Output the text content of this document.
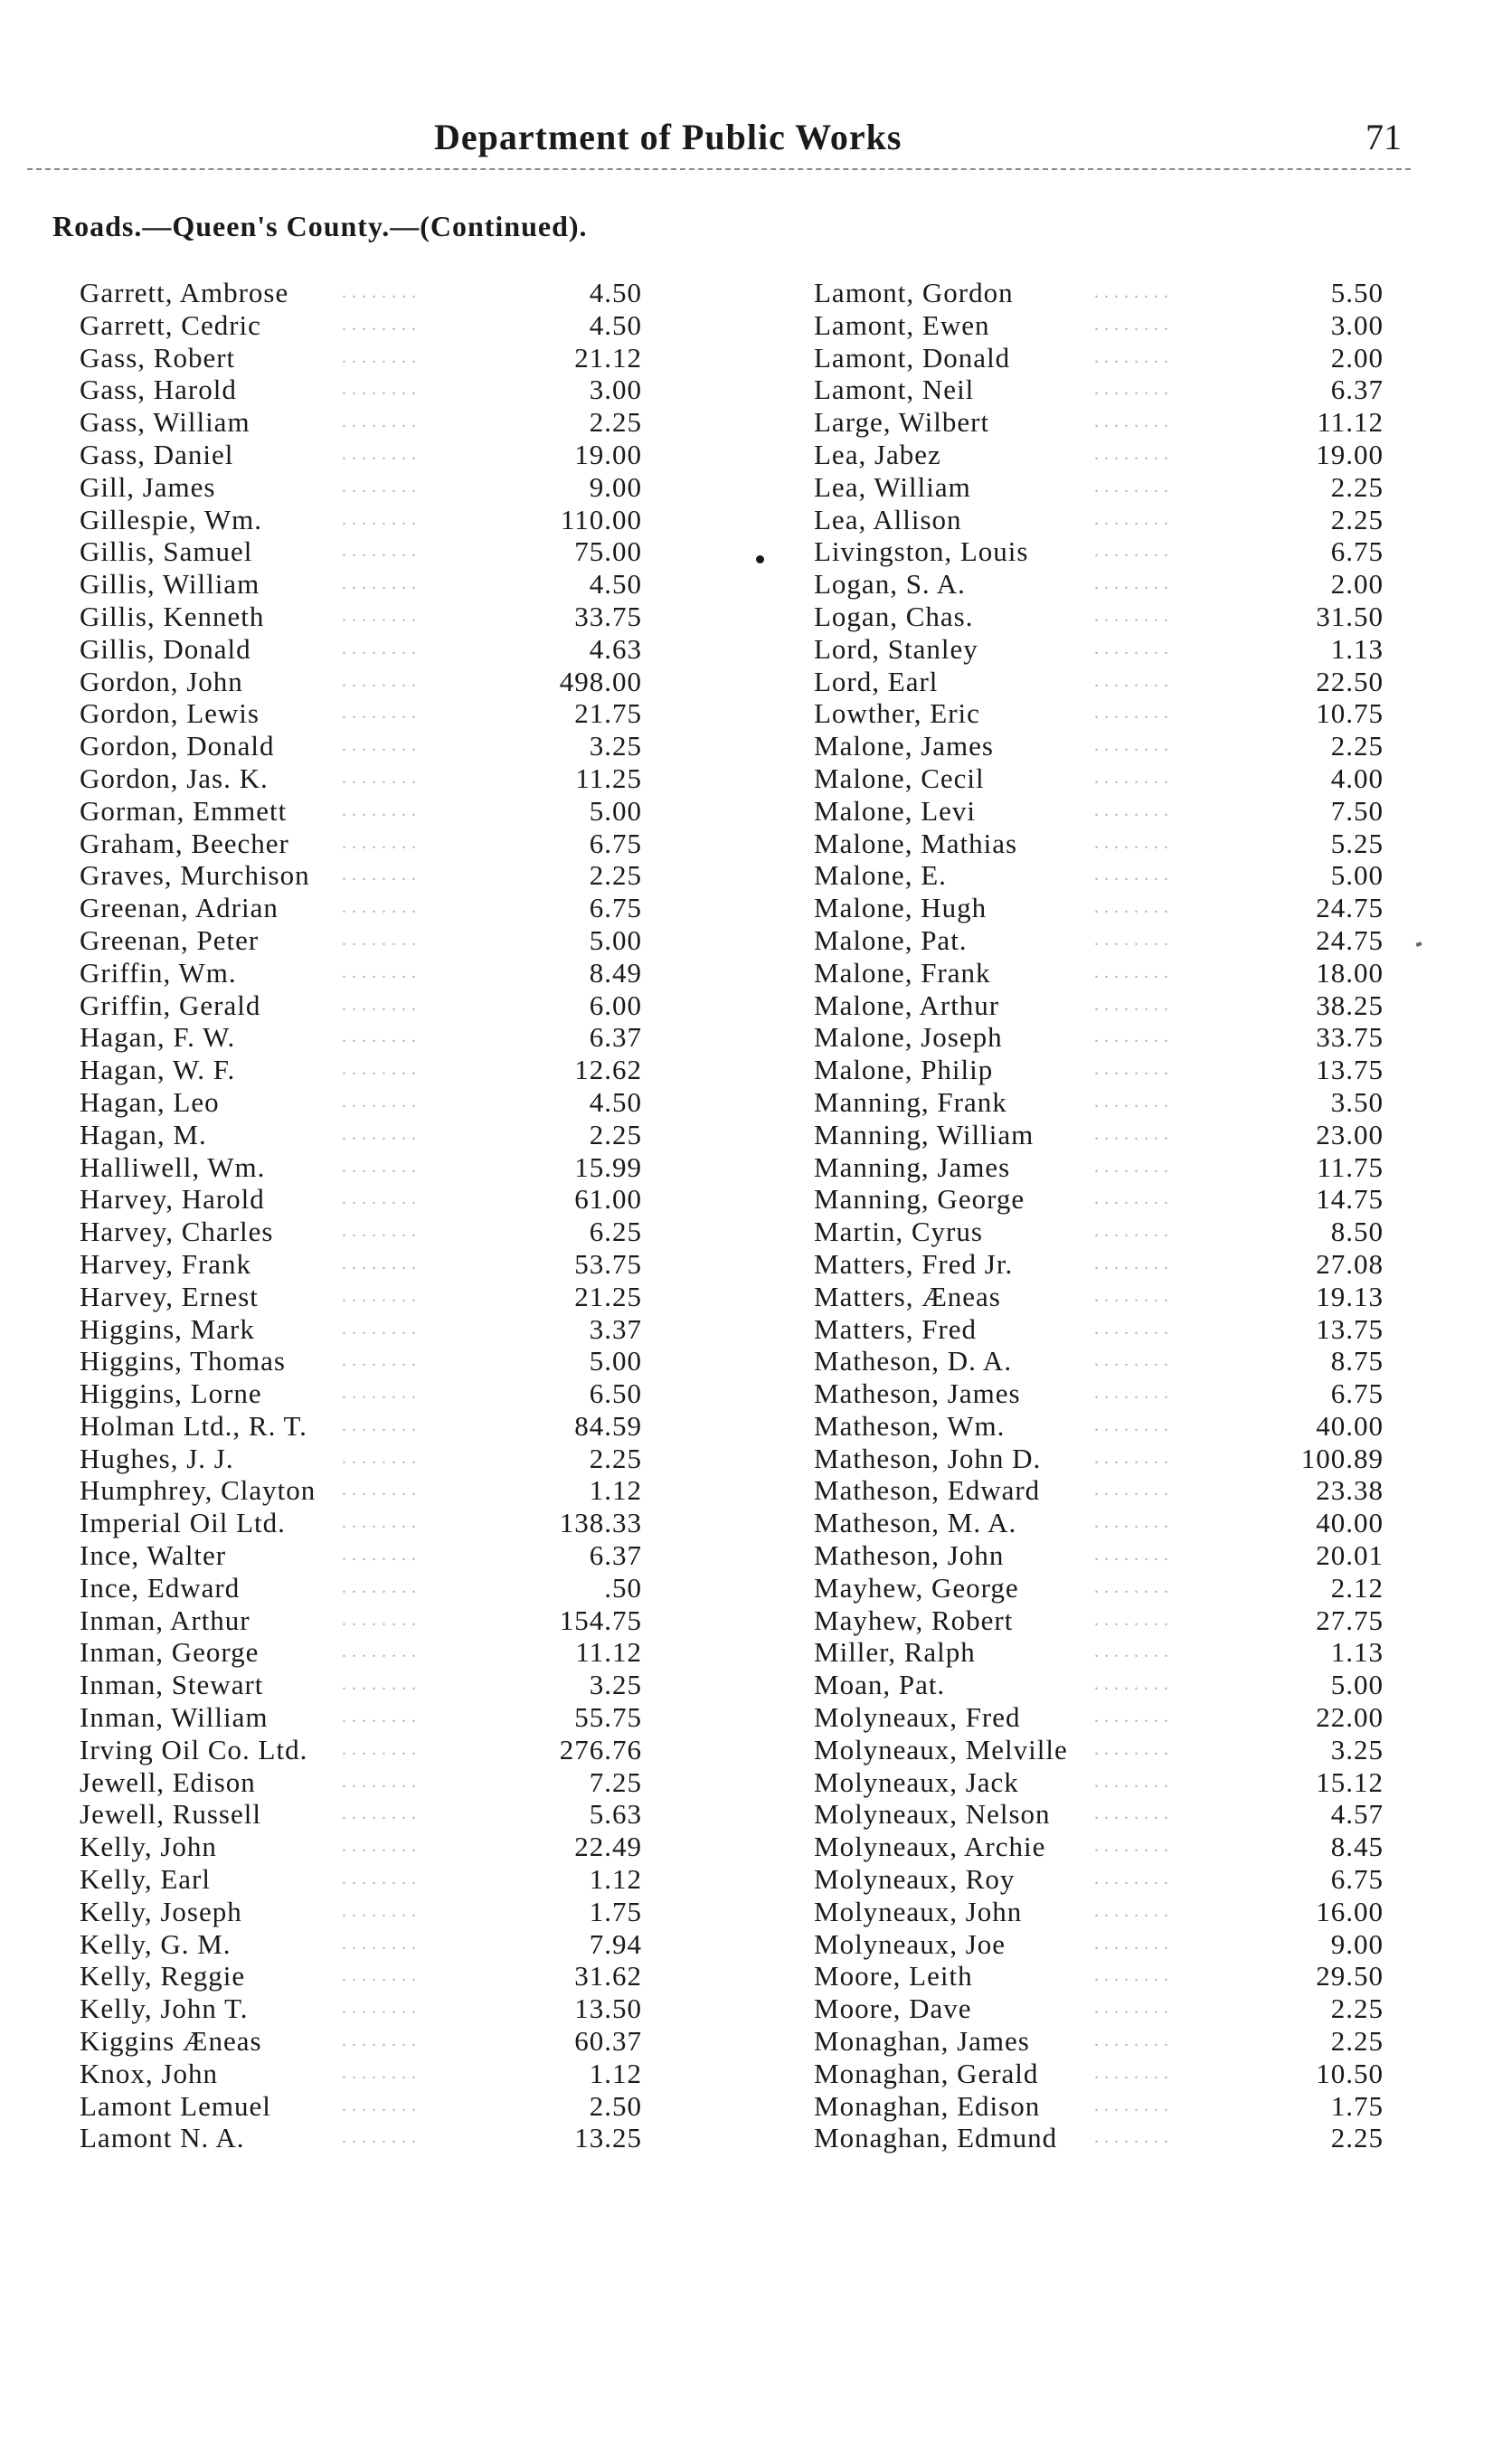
Department of Public Works	71
Roads.—Queen's County.—(Continued).
Garrett, Ambrose	........	4.50
Garrett, Cedric	........	4.50
Gass, Robert	........	21.12
Gass, Harold	........	3.00
Gass, William	........	2.25
Gass, Daniel	........	19.00
Gill, James	........	9.00
Gillespie, Wm.	........	110.00
Gillis, Samuel	........	75.00
Gillis, William	........	4.50
Gillis, Kenneth	........	33.75
Gillis, Donald	........	4.63
Gordon, John	........	498.00
Gordon, Lewis	........	21.75
Gordon, Donald	........	3.25
Gordon, Jas. K.	........	11.25
Gorman, Emmett	........	5.00
Graham, Beecher	........	6.75
Graves, Murchison ........	2.25
Greenan, Adrian	........	6.75
Greenan, Peter	........	5.00
Griffin, Wm.	........	8.49
Griffin, Gerald	........	6.00
Hagan, F. W.	........	6.37
Hagan, W. F.	........	12.62
Hagan, Leo	........	4.50
Hagan, M.	........	2.25
Halliwell, Wm.	........	15.99
Harvey, Harold	........	61.00
Harvey, Charles	........	6.25
Harvey, Frank	........	53.75
Harvey, Ernest	........	21.25
Higgins, Mark	........	3.37
Higgins, Thomas	........	5.00
Higgins, Lorne	........	6.50
Holman Ltd., R. T. ........	84.59
Hughes, J. J.	........	2.25
Humphrey, Clayton ........	1.12
Imperial Oil Ltd.	........	138.33
Ince, Walter	........	6.37
Ince, Edward	........	.50
Inman, Arthur	........	154.75
Inman, George	........	11.12
Inman, Stewart	........	3.25
Inman, William	........	55.75
Irving Oil Co. Ltd. ........	276.76
Jewell, Edison	........	7.25
Jewell, Russell	........	5.63
Kelly, John	........	22.49
Kelly, Earl	........	1.12
Kelly, Joseph	........	1.75
Kelly, G. M.	........	7.94
Kelly, Reggie	........	31.62
Kelly, John T.	........	13.50
Kiggins Æneas	........	60.37
Knox, John	........	1.12
Lamont Lemuel	........	2.50
Lamont N. A.	........	13.25
Lamont, Gordon	........	5.50
Lamont, Ewen	........	3.00
Lamont, Donald	........	2.00
Lamont, Neil	........	6.37
Large, Wilbert	........	11.12
Lea, Jabez	........	19.00
Lea, William	........	2.25
Lea, Allison	........	2.25
Livingston, Louis	........	6.75
Logan, S. A.	........	2.00
Logan, Chas.	........	31.50
Lord, Stanley	........	1.13
Lord, Earl	........	22.50
Lowther, Eric	........	10.75
Malone, James	........	2.25
Malone, Cecil	........	4.00
Malone, Levi	........	7.50
Malone, Mathias	........	5.25
Malone, E.	........	5.00
Malone, Hugh	........	24.75
Malone, Pat.	........	24.75
Malone, Frank	........	18.00
Malone, Arthur	........	38.25
Malone, Joseph	........	33.75
Malone, Philip	........	13.75
Manning, Frank	........	3.50
Manning, William	........	23.00
Manning, James	........	11.75
Manning, George	........	14.75
Martin, Cyrus	........	8.50
Matters, Fred Jr.	........	27.08
Matters, Æneas	........	19.13
Matters, Fred	........	13.75
Matheson, D. A.	........	8.75
Matheson, James	........	6.75
Matheson, Wm.	........	40.00
Matheson, John D.	........	100.89
Matheson, Edward	........	23.38
Matheson, M. A.	........	40.00
Matheson, John	........	20.01
Mayhew, George	........	2.12
Mayhew, Robert	........	27.75
Miller, Ralph	........	1.13
Moan, Pat.	........	5.00
Molyneaux, Fred	........	22.00
Molyneaux, Melville ........	3.25
Molyneaux, Jack	........	15.12
Molyneaux, Nelson ........	4.57
Molyneaux, Archie	........	8.45
Molyneaux, Roy	........	6.75
Molyneaux, John	........	16.00
Molyneaux, Joe	........	9.00
Moore, Leith	........	29.50
Moore, Dave	........	2.25
Monaghan, James	........	2.25
Monaghan, Gerald	........	10.50
Monaghan, Edison	........	1.75
Monaghan, Edmund ........	2.25
